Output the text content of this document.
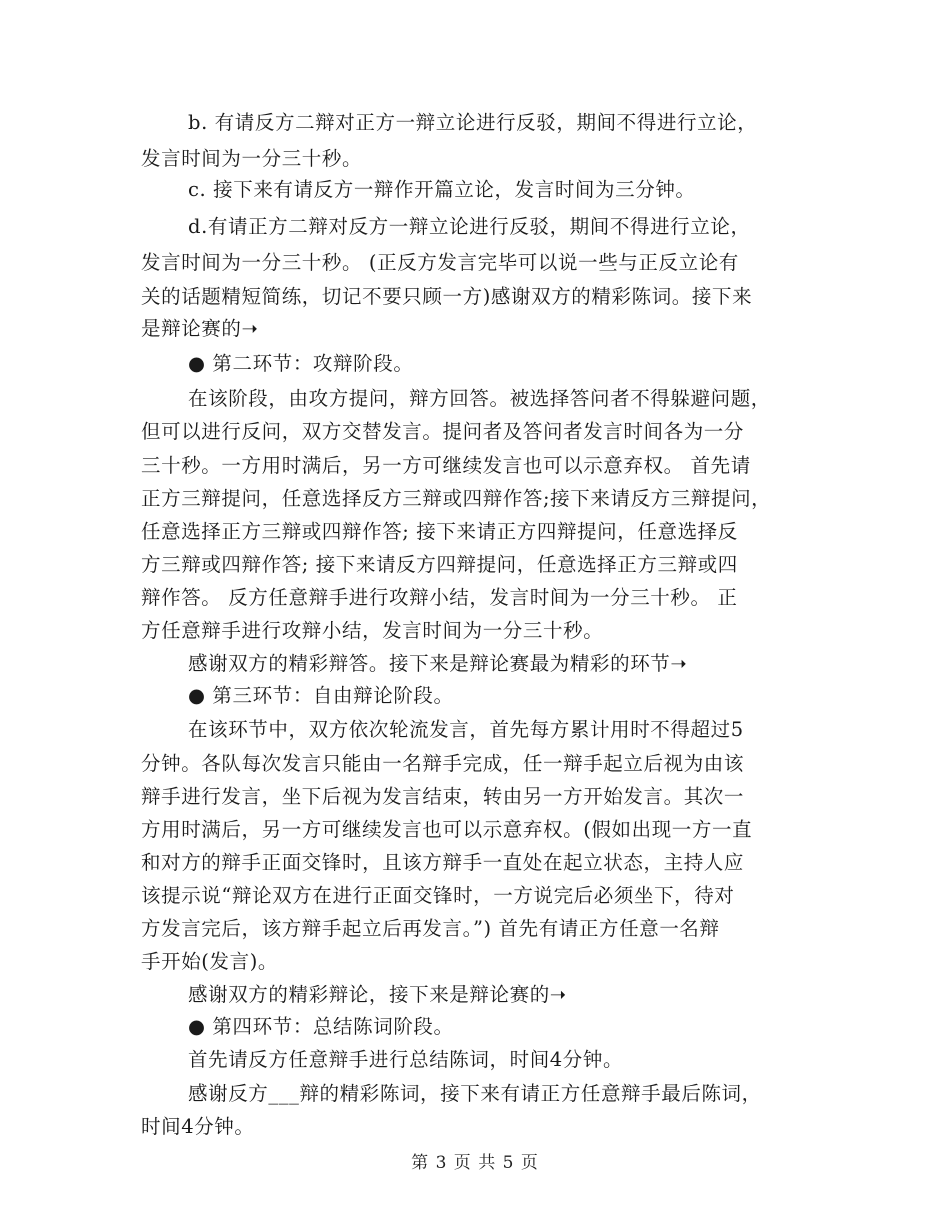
b. 有请反方二辩对正方一辩立论进行反驳，期间不得进行立论，
发言时间为一分三十秒。
c. 接下来有请反方一辩作开篇立论，发言时间为三分钟。
d.有请正方二辩对反方一辩立论进行反驳，期间不得进行立论，
发言时间为一分三十秒。 (正反方发言完毕可以说一些与正反立论有
关的话题精短简练，切记不要只顾一方)感谢双方的精彩陈词。接下来
是辩论赛的➝
● 第二环节：攻辩阶段。
在该阶段，由攻方提问，辩方回答。被选择答问者不得躲避问题，
但可以进行反问，双方交替发言。提问者及答问者发言时间各为一分
三十秒。一方用时满后，另一方可继续发言也可以示意弃权。 首先请
正方三辩提问，任意选择反方三辩或四辩作答;接下来请反方三辩提问，
任意选择正方三辩或四辩作答; 接下来请正方四辩提问，任意选择反
方三辩或四辩作答; 接下来请反方四辩提问，任意选择正方三辩或四
辩作答。 反方任意辩手进行攻辩小结，发言时间为一分三十秒。 正
方任意辩手进行攻辩小结，发言时间为一分三十秒。
感谢双方的精彩辩答。接下来是辩论赛最为精彩的环节➝
● 第三环节：自由辩论阶段。
在该环节中，双方依次轮流发言，首先每方累计用时不得超过5
分钟。各队每次发言只能由一名辩手完成，任一辩手起立后视为由该
辩手进行发言，坐下后视为发言结束，转由另一方开始发言。其次一
方用时满后，另一方可继续发言也可以示意弃权。(假如出现一方一直
和对方的辩手正面交锋时，且该方辩手一直处在起立状态，主持人应
该提示说“辩论双方在进行正面交锋时，一方说完后必须坐下，待对
方发言完后，该方辩手起立后再发言。”) 首先有请正方任意一名辩
手开始(发言)。
感谢双方的精彩辩论，接下来是辩论赛的➝
● 第四环节：总结陈词阶段。
首先请反方任意辩手进行总结陈词，时间4分钟。
感谢反方___辩的精彩陈词，接下来有请正方任意辩手最后陈词，
时间4分钟。
第 3 页 共 5 页
